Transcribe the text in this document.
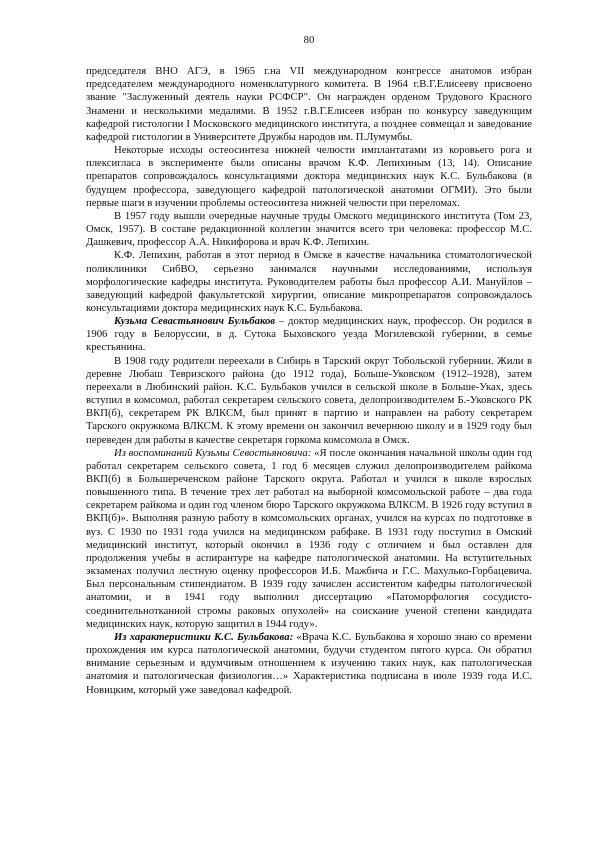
80

председателя ВНО АГЭ, в 1965 г.на VII международном конгрессе анатомов избран председателем международного номенклатурного комитета. В 1964 г.В.Г.Елисееву присвоено звание "Заслуженный деятель науки РСФСР". Он награжден орденом Трудового Красного Знамени и несколькими медалями. В 1952 г.В.Г.Елисеев избран по конкурсу заведующим кафедрой гистологии I Московского медицинского института, а позднее совмещал и заведование кафедрой гистологии в Университете Дружбы народов им. П.Лумумбы.

Некоторые исходы остеосинтеза нижней челюсти имплантатами из коровьего рога и плексигласа в эксперименте были описаны врачом К.Ф. Лепихиным (13, 14). Описание препаратов сопровождалось консультациями доктора медицинских наук К.С. Бульбакова (в будущем профессора, заведующего кафедрой патологической анатомии ОГМИ). Это были первые шаги в изучении проблемы остеосинтеза нижней челюсти при переломах.

В 1957 году вышли очередные научные труды Омского медицинского института (Том 23, Омск, 1957). В составе редакционной коллегии значится всего три человека: профессор М.С. Дашкевич, профессор А.А. Никифорова и врач К.Ф. Лепихин.

К.Ф. Лепихин, работая в этот период в Омске в качестве начальника стоматологической поликлиники СибВО, серьезно занимался научными исследованиями, используя морфологические кафедры института. Руководителем работы был профессор А.И. Мануйлов – заведующий кафедрой факультетской хирургии, описание микропрепаратов сопровождалось консультациями доктора медицинских наук К.С. Бульбакова.

Кузьма Севастьянович Бульбаков – доктор медицинских наук, профессор. Он родился в 1906 году в Белоруссии, в д. Сутока Быховского уезда Могилевской губернии, в семье крестьянина.

В 1908 году родители переехали в Сибирь в Тарский округ Тобольской губернии. Жили в деревне Любаш Тевризского района (до 1912 года), Больше-Уковском (1912–1928), затем переехали в Любинский район. К.С. Бульбаков учился в сельской школе в Больше-Уках, здесь вступил в комсомол, работал секретарем сельского совета, делопроизводителем Б.-Уковского РК ВКП(б), секретарем РК ВЛКСМ, был принят в партию и направлен на работу секретарем Тарского окружкома ВЛКСМ. К этому времени он закончил вечернюю школу и в 1929 году был переведен для работы в качестве секретаря горкома комсомола в Омск.

Из воспоминаний Кузьмы Севостьяновича: «Я после окончания начальной школы один год работал секретарем сельского совета, 1 год 6 месяцев служил делопроизводителем райкома ВКП(б) в Большереченском районе Тарского округа. Работал и учился в школе взрослых повышенного типа. В течение трех лет работал на выборной комсомольской работе – два года секретарем райкома и один год членом бюро Тарского окружкома ВЛКСМ. В 1926 году вступил в ВКП(б)». Выполняя разную работу в комсомольских органах, учился на курсах по подготовке в вуз. С 1930 по 1931 года учился на медицинском рабфаке. В 1931 году поступил в Омский медицинский институт, который окончил в 1936 году с отличием и был оставлен для продолжения учебы в аспирантуре на кафедре патологической анатомии. На вступительных экзаменах получил лестную оценку профессоров И.Б. Мажбича и Г.С. Махулько-Горбацевича. Был персональным стипендиатом. В 1939 году зачислен ассистентом кафедры патологической анатомии, и в 1941 году выполнил диссертацию «Патоморфология сосудисто-соединительнотканной стромы раковых опухолей» на соискание ученой степени кандидата медицинских наук, которую защитил в 1944 году».

Из характеристики К.С. Бульбакова: «Врача К.С. Бульбакова я хорошо знаю со времени прохождения им курса патологической анатомии, будучи студентом пятого курса. Он обратил внимание серьезным и вдумчивым отношением к изучению таких наук, как патологическая анатомия и патологическая физиология…» Характеристика подписана в июле 1939 года И.С. Новицким, который уже заведовал кафедрой.
